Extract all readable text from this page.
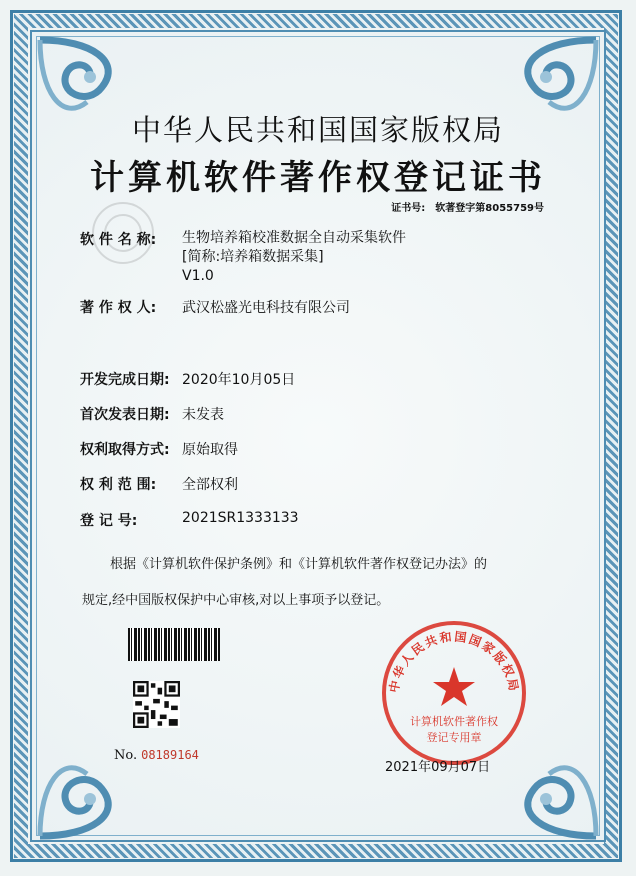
中华人民共和国国家版权局
计算机软件著作权登记证书
证书号: 软著登字第8055759号
软 件 名 称: 生物培养箱校准数据全自动采集软件
[简称:培养箱数据采集]
V1.0
著 作 权 人: 武汉松盛光电科技有限公司
开发完成日期: 2020年10月05日
首次发表日期: 未发表
权利取得方式: 原始取得
权 利 范 围: 全部权利
登 记 号:	2021SR1333133
根据《计算机软件保护条例》和《计算机软件著作权登记办法》的
规定,经中国版权保护中心审核,对以上事项予以登记。
No. 08189164
中华人民共和国国家版权局
计算机软件著作权
登记专用章
2021年09月07日
